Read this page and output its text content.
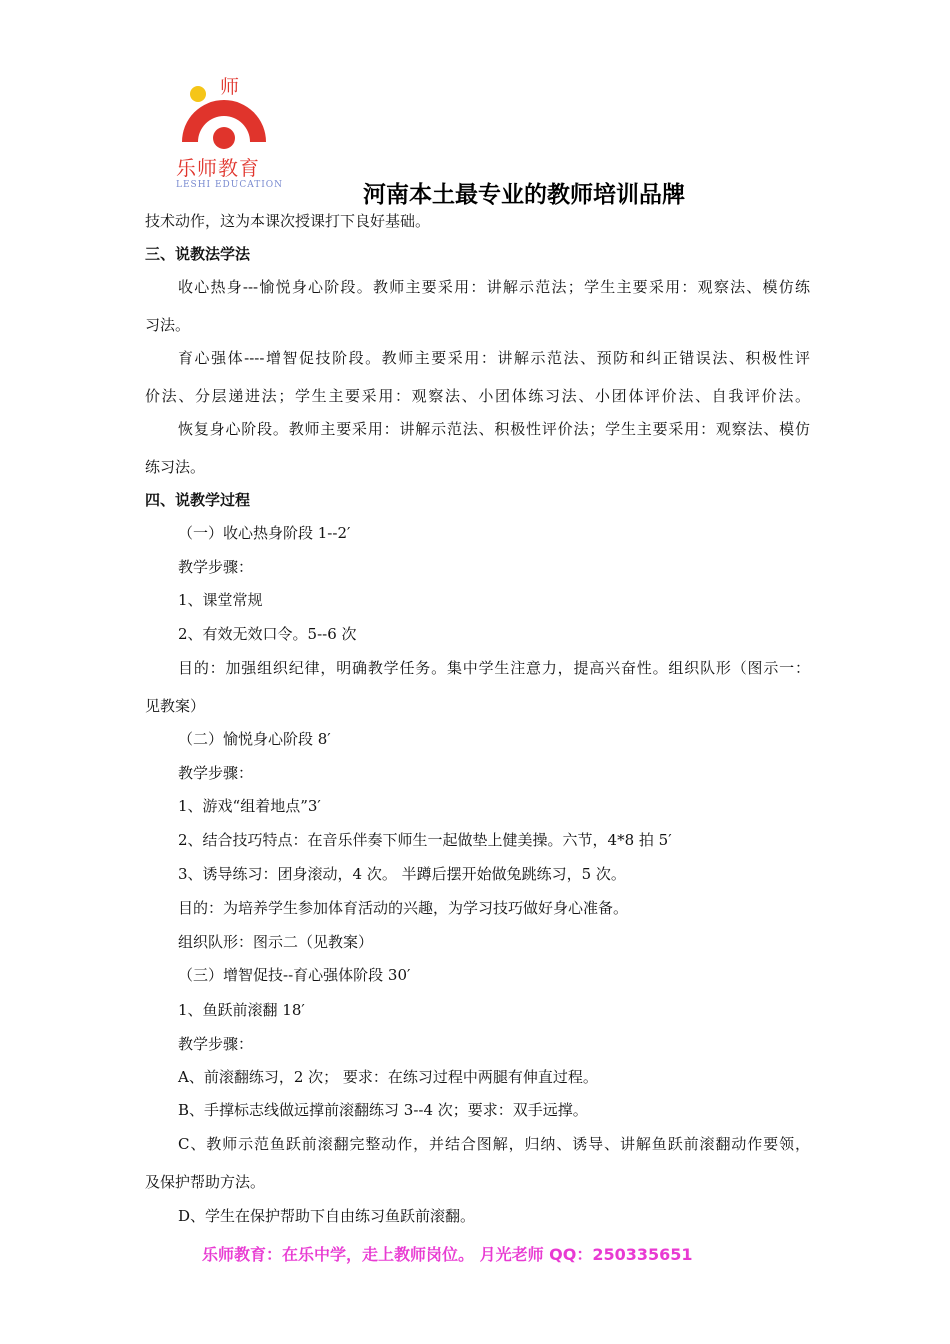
师
乐师教育
LESHI EDUCATION	河南本土最专业的教师培训品牌
技术动作，这为本课次授课打下良好基础。
三、说教法学法
收心热身---愉悦身心阶段。教师主要采用：讲解示范法；学生主要采用：观察法、模仿练
习法。
育心强体----增智促技阶段。教师主要采用：讲解示范法、预防和纠正错误法、积极性评
价法、分层递进法；学生主要采用：观察法、小团体练习法、小团体评价法、自我评价法。
恢复身心阶段。教师主要采用：讲解示范法、积极性评价法；学生主要采用：观察法、模仿
练习法。
四、说教学过程
（一）收心热身阶段 1--2′
教学步骤：
1、课堂常规
2、有效无效口令。5--6 次
目的：加强组织纪律，明确教学任务。集中学生注意力，提高兴奋性。组织队形（图示一：
见教案）
（二）愉悦身心阶段 8′
教学步骤：
1、游戏“组着地点”3′
2、结合技巧特点：在音乐伴奏下师生一起做垫上健美操。六节，4*8 拍 5′
3、诱导练习：团身滚动，4 次。 半蹲后摆开始做兔跳练习，5 次。
目的：为培养学生参加体育活动的兴趣，为学习技巧做好身心准备。
组织队形：图示二（见教案）
（三）增智促技--育心强体阶段 30′
1、鱼跃前滚翻 18′
教学步骤：
A、前滚翻练习，2 次； 要求：在练习过程中两腿有伸直过程。
B、手撑标志线做远撑前滚翻练习 3--4 次；要求：双手远撑。
C、教师示范鱼跃前滚翻完整动作，并结合图解，归纳、诱导、讲解鱼跃前滚翻动作要领，
及保护帮助方法。
D、学生在保护帮助下自由练习鱼跃前滚翻。
乐师教育：在乐中学，走上教师岗位。 月光老师 QQ：250335651
